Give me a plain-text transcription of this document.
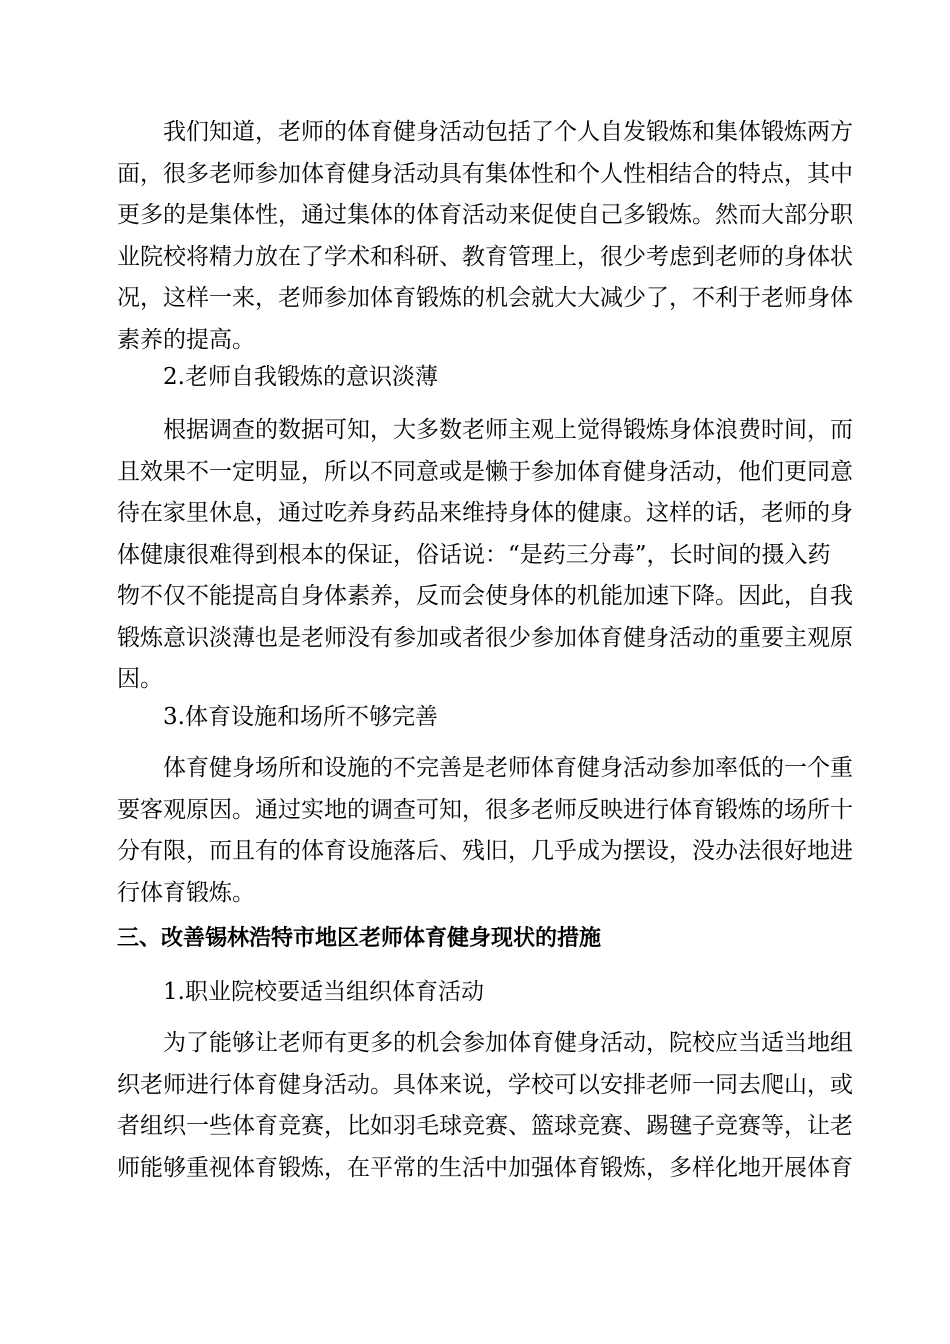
我们知道，老师的体育健身活动包括了个人自发锻炼和集体锻炼两方
面，很多老师参加体育健身活动具有集体性和个人性相结合的特点，其中
更多的是集体性，通过集体的体育活动来促使自己多锻炼。然而大部分职
业院校将精力放在了学术和科研、教育管理上，很少考虑到老师的身体状
况，这样一来，老师参加体育锻炼的机会就大大减少了，不利于老师身体
素养的提高。
2.老师自我锻炼的意识淡薄
根据调查的数据可知，大多数老师主观上觉得锻炼身体浪费时间，而
且效果不一定明显，所以不同意或是懒于参加体育健身活动，他们更同意
待在家里休息，通过吃养身药品来维持身体的健康。这样的话，老师的身
体健康很难得到根本的保证，俗话说：“是药三分毒”，长时间的摄入药
物不仅不能提高自身体素养，反而会使身体的机能加速下降。因此，自我
锻炼意识淡薄也是老师没有参加或者很少参加体育健身活动的重要主观原
因。
3.体育设施和场所不够完善
体育健身场所和设施的不完善是老师体育健身活动参加率低的一个重
要客观原因。通过实地的调查可知，很多老师反映进行体育锻炼的场所十
分有限，而且有的体育设施落后、残旧，几乎成为摆设，没办法很好地进
行体育锻炼。
三、改善锡林浩特市地区老师体育健身现状的措施
1.职业院校要适当组织体育活动
为了能够让老师有更多的机会参加体育健身活动，院校应当适当地组
织老师进行体育健身活动。具体来说，学校可以安排老师一同去爬山，或
者组织一些体育竞赛，比如羽毛球竞赛、篮球竞赛、踢毽子竞赛等，让老
师能够重视体育锻炼，在平常的生活中加强体育锻炼，多样化地开展体育
